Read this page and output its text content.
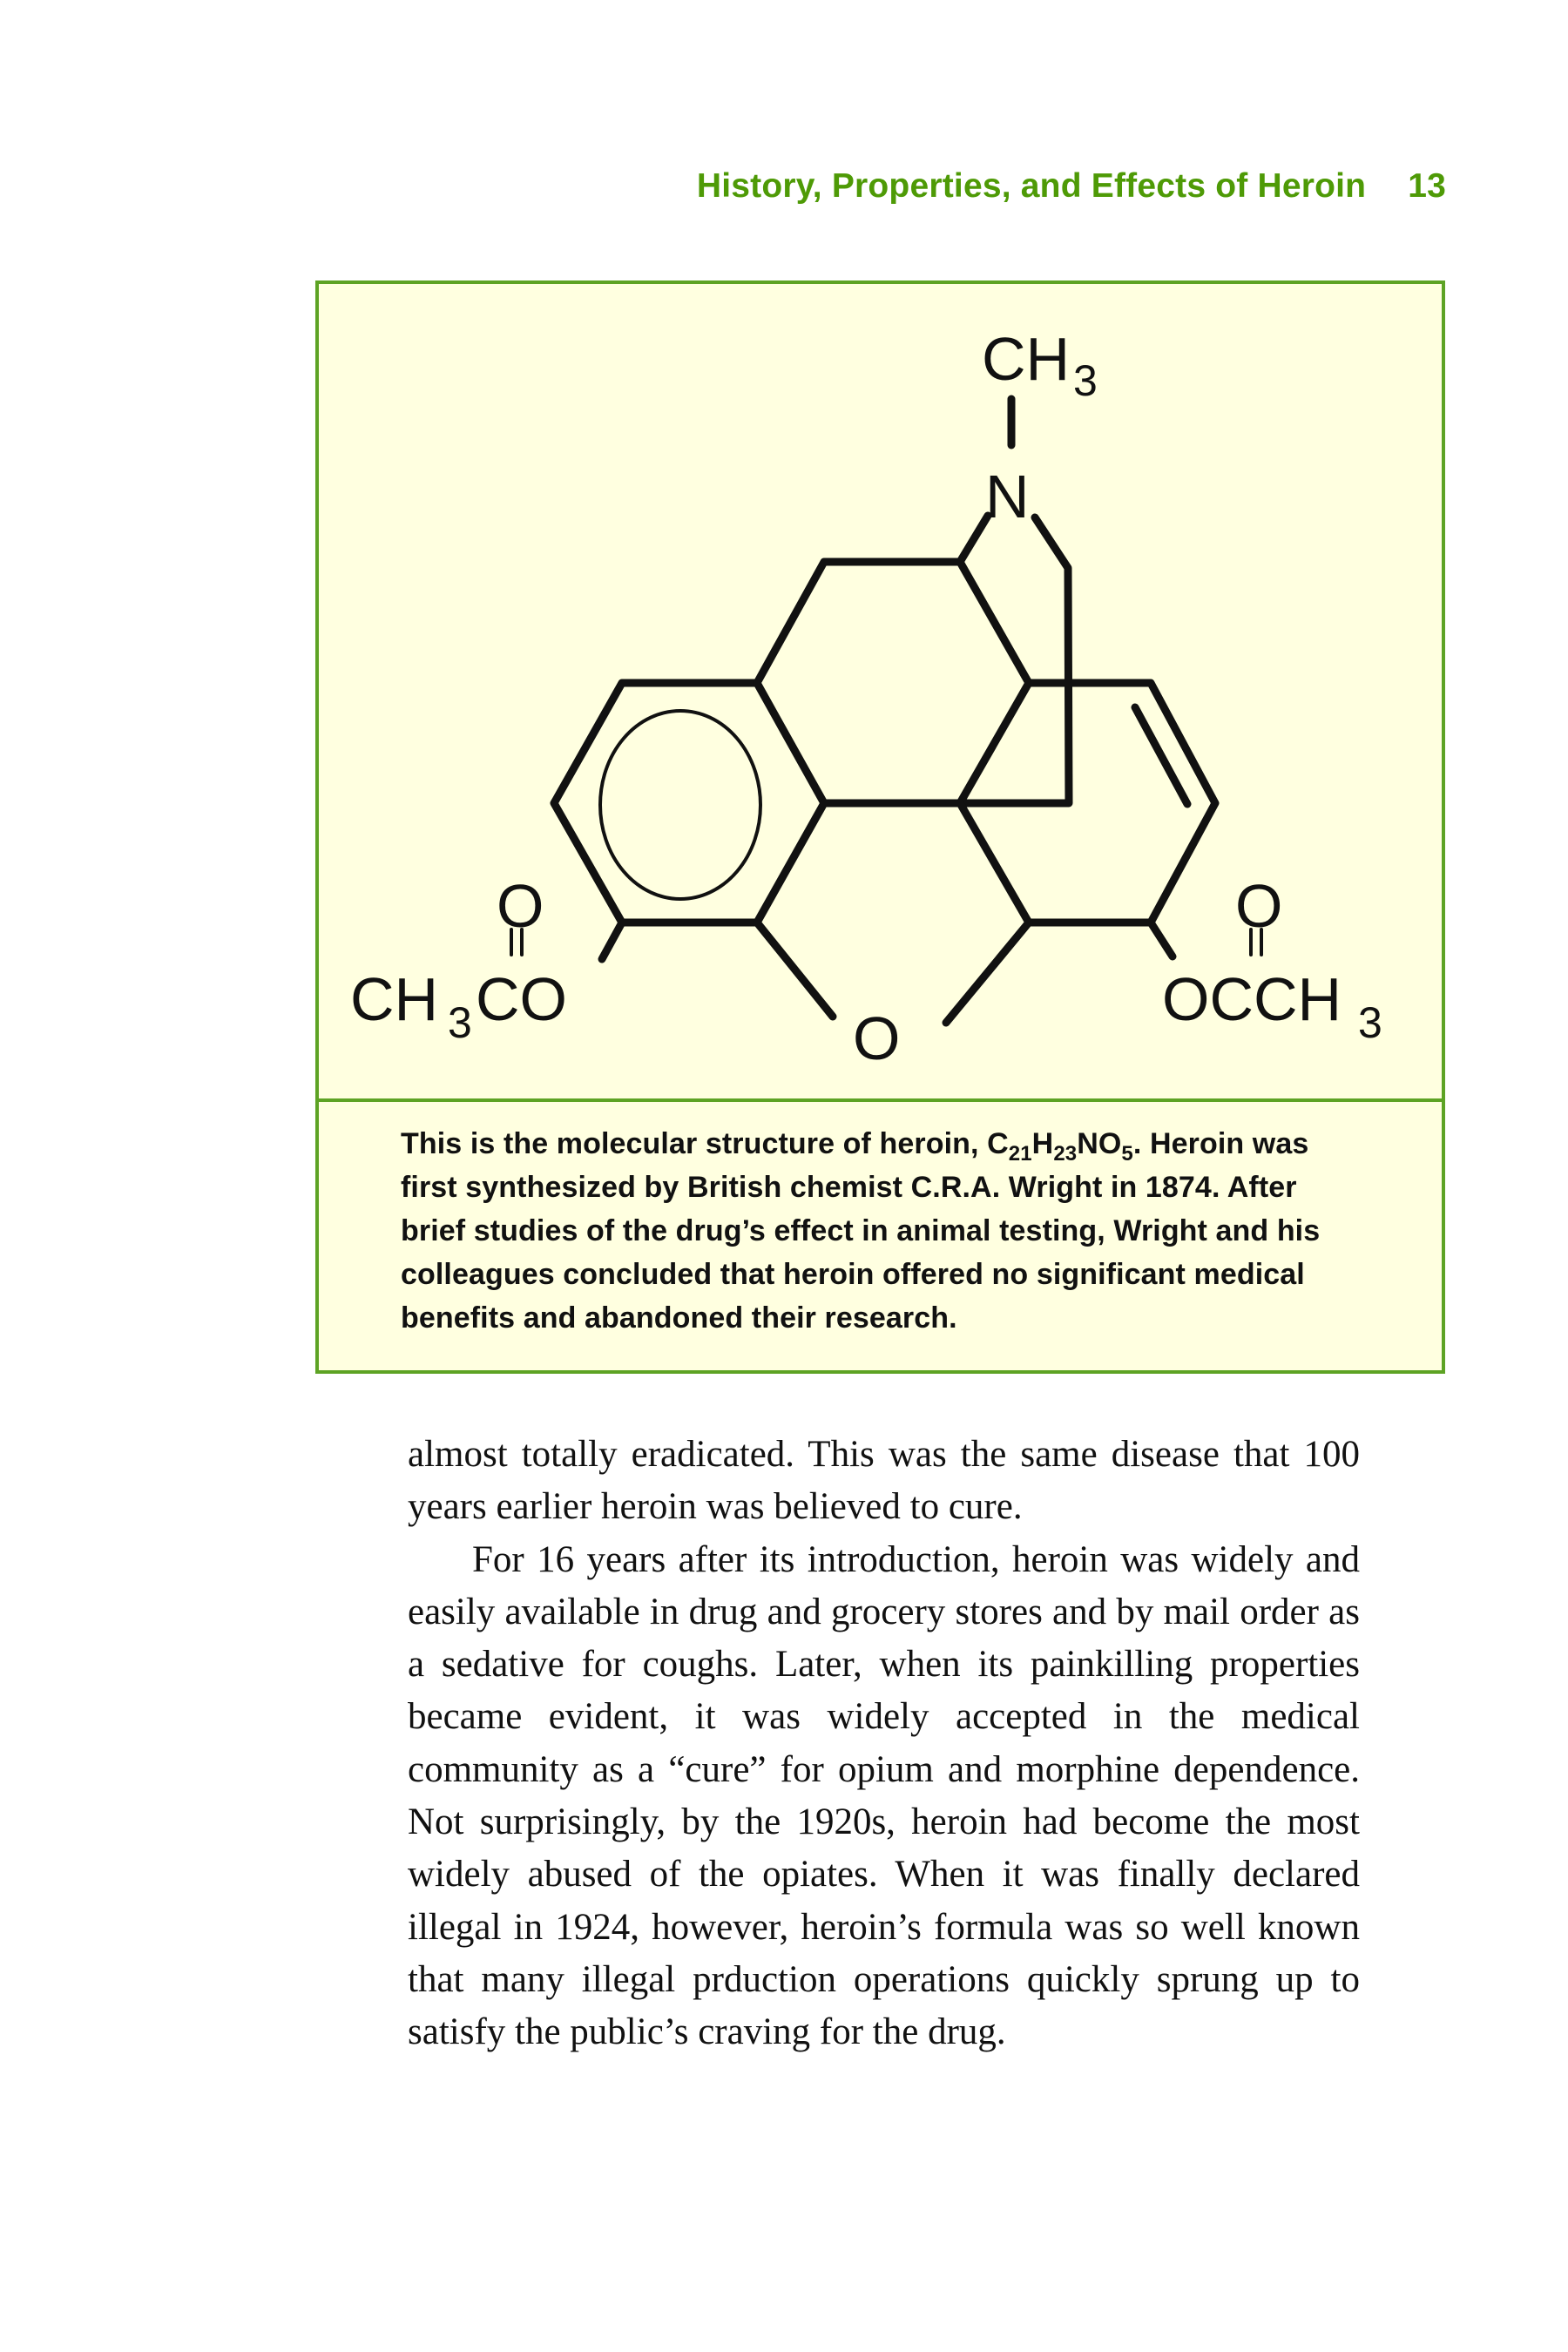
History, Properties, and Effects of Heroin 13
CH 3
N
O
CH 3 CO
O
O
OCCH 3
This is the molecular structure of heroin, $C_{21}H_{23}NO_5$. Heroin was first synthesized by British chemist C.R.A. Wright in 1874. After brief studies of the drug’s effect in animal testing, Wright and his colleagues concluded that heroin offered no significant medical benefits and abandoned their research.

almost totally eradicated. This was the same disease that 100 years earlier heroin was believed to cure.

For 16 years after its introduction, heroin was widely and easily available in drug and grocery stores and by mail order as a sedative for coughs. Later, when its painkilling properties became evident, it was widely accepted in the medical community as a “cure” for opium and morphine dependence. Not surprisingly, by the 1920s, heroin had become the most widely abused of the opiates. When it was finally declared illegal in 1924, however, heroin’s formula was so well known that many illegal prduction operations quickly sprung up to satisfy the public’s craving for the drug.
